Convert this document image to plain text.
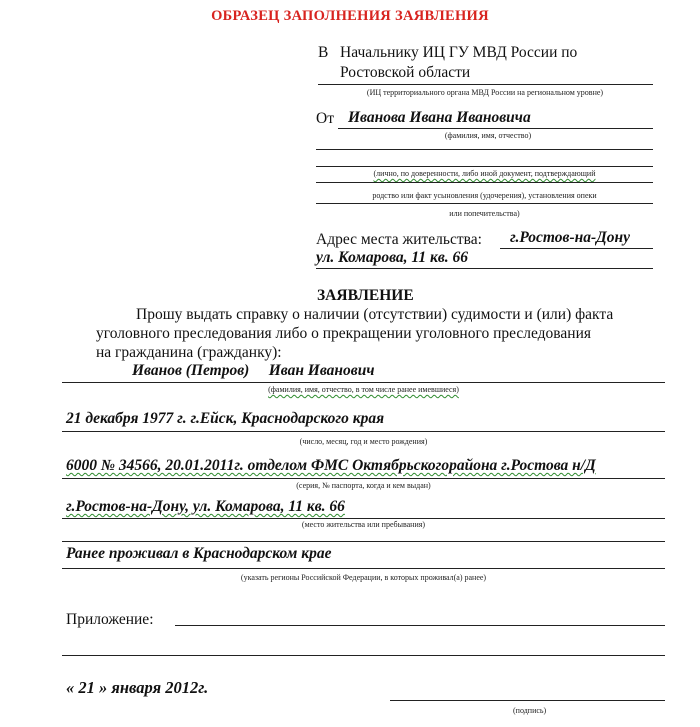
ОБРАЗЕЦ ЗАПОЛНЕНИЯ ЗАЯВЛЕНИЯ
В Начальнику ИЦ ГУ МВД России по
Ростовской области
(ИЦ территориального органа МВД России на региональном уровне)
От Иванова Ивана Ивановича
(фамилия, имя, отчество)
(лично, по доверенности, либо иной документ, подтверждающий
родство или факт усыновления (удочерения), установления опеки
или попечительства)
Адрес места жительства: г.Ростов-на-Дону
ул. Комарова, 11 кв. 66
ЗАЯВЛЕНИЕ
Прошу выдать справку о наличии (отсутствии) судимости и (или) факта
уголовного преследования либо о прекращении уголовного преследования
на гражданина (гражданку):
Иванов (Петров)     Иван Иванович
(фамилия, имя, отчество, в том числе ранее имевшиеся)
21 декабря 1977 г. г.Ейск, Краснодарского края
(число, месяц, год и место рождения)
6000 № 34566, 20.01.2011г. отделом ФМС Октябрьскогорайона г.Ростова н/Д
(серия, № паспорта, когда и кем выдан)
г.Ростов-на-Дону, ул. Комарова, 11 кв. 66
(место жительства или пребывания)
Ранее проживал в Краснодарском крае
(указать регионы Российской Федерации, в которых проживал(а) ранее)
Приложение:
« 21 » января 2012г.
(подпись)
